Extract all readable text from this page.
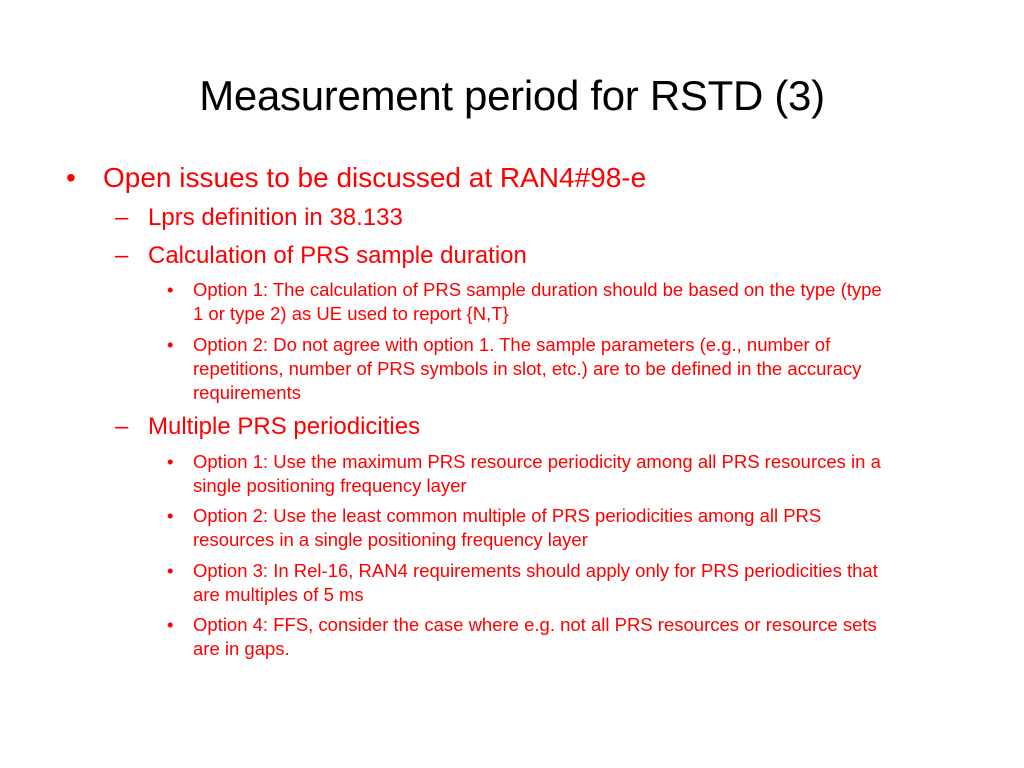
Measurement period for RSTD (3)
• Open issues to be discussed at RAN4#98-e
– Lprs definition in 38.133
– Calculation of PRS sample duration
• Option 1: The calculation of PRS sample duration should be based on the type (type
1 or type 2) as UE used to report {N,T}
• Option 2: Do not agree with option 1. The sample parameters (e.g., number of
repetitions, number of PRS symbols in slot, etc.) are to be defined in the accuracy
requirements
– Multiple PRS periodicities
• Option 1: Use the maximum PRS resource periodicity among all PRS resources in a
single positioning frequency layer
• Option 2: Use the least common multiple of PRS periodicities among all PRS
resources in a single positioning frequency layer
• Option 3: In Rel-16, RAN4 requirements should apply only for PRS periodicities that
are multiples of 5 ms
• Option 4: FFS, consider the case where e.g. not all PRS resources or resource sets
are in gaps.
